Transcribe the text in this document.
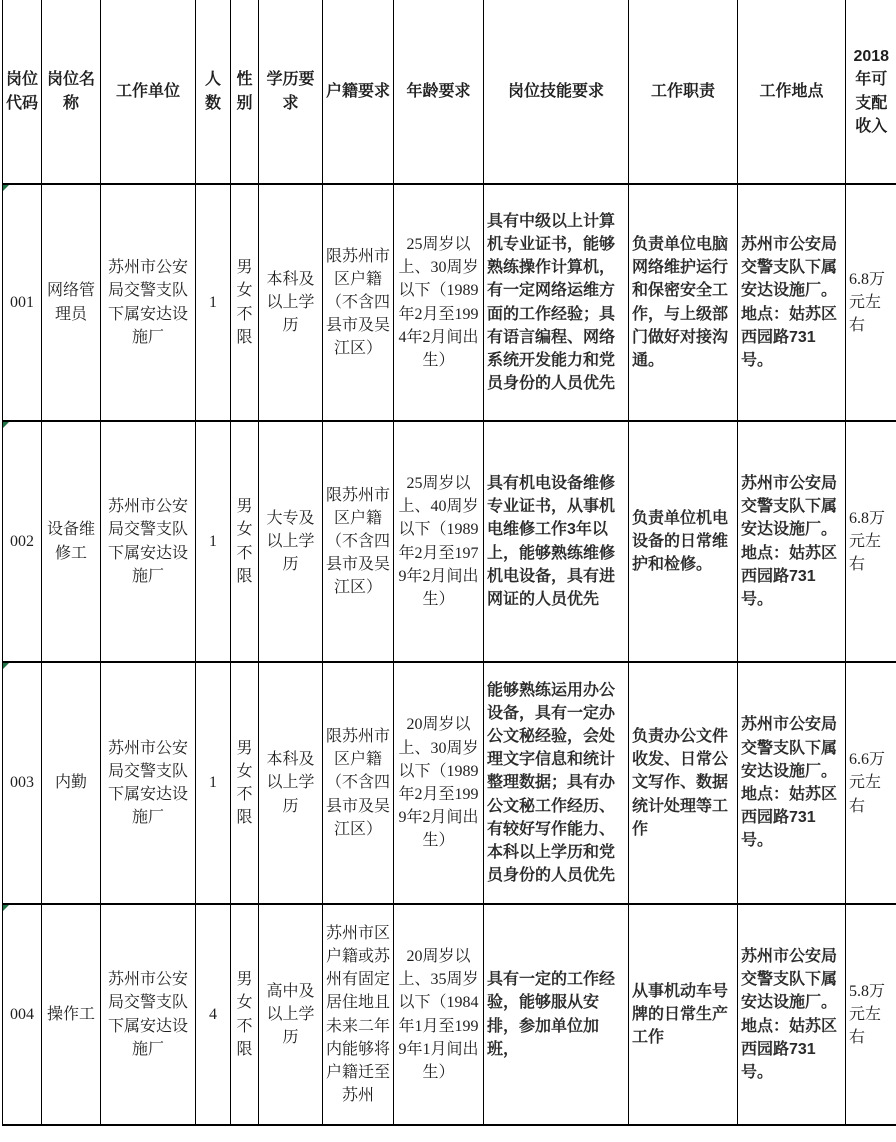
岗位代码	岗位名称	工作单位	人数	性别	学历要求	户籍要求	年龄要求	岗位技能要求	工作职责	工作地点	2018年可支配收入

001	网络管理员	苏州市公安局交警支队下属安达设施厂	1	男女不限	本科及以上学历	限苏州市区户籍（不含四县市及吴江区）	25周岁以上、30周岁以下（1989年2月至1994年2月间出生）	具有中级以上计算机专业证书，能够熟练操作计算机，有一定网络运维方面的工作经验；具有语言编程、网络系统开发能力和党员身份的人员优先	负责单位电脑网络维护运行和保密安全工作，与上级部门做好对接沟通。	苏州市公安局交警支队下属安达设施厂。地点：姑苏区西园路731号。	6.8万元左右

002	设备维修工	苏州市公安局交警支队下属安达设施厂	1	男女不限	大专及以上学历	限苏州市区户籍（不含四县市及吴江区）	25周岁以上、40周岁以下（1989年2月至1979年2月间出生）	具有机电设备维修专业证书，从事机电维修工作3年以上，能够熟练维修机电设备，具有进网证的人员优先	负责单位机电设备的日常维护和检修。	苏州市公安局交警支队下属安达设施厂。地点：姑苏区西园路731号。	6.8万元左右

003	内勤	苏州市公安局交警支队下属安达设施厂	1	男女不限	本科及以上学历	限苏州市区户籍（不含四县市及吴江区）	20周岁以上、30周岁以下（1989年2月至1999年2月间出生）	能够熟练运用办公设备，具有一定办公文秘经验，会处理文字信息和统计整理数据；具有办公文秘工作经历、有较好写作能力、本科以上学历和党员身份的人员优先	负责办公文件收发、日常公文写作、数据统计处理等工作	苏州市公安局交警支队下属安达设施厂。地点：姑苏区西园路731号。	6.6万元左右

004	操作工	苏州市公安局交警支队下属安达设施厂	4	男女不限	高中及以上学历	苏州市区户籍或苏州有固定居住地且未来二年内能够将户籍迁至苏州	20周岁以上、35周岁以下（1984年1月至1999年1月间出生）	具有一定的工作经验，能够服从安排，参加单位加班，	从事机动车号牌的日常生产工作	苏州市公安局交警支队下属安达设施厂。地点：姑苏区西园路731号。	5.8万元左右
